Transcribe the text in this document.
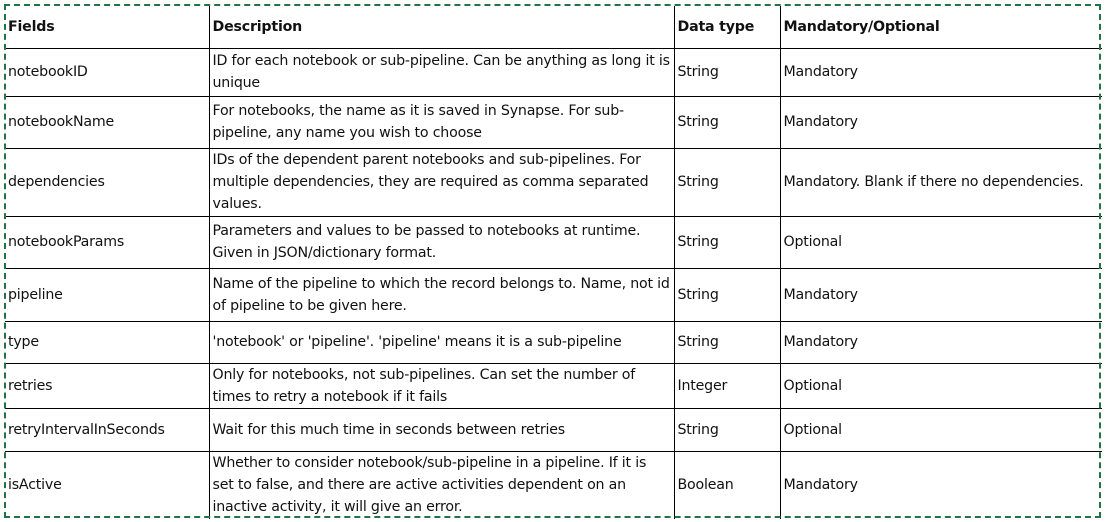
Fields	Description	Data type	Mandatory/Optional
notebookID	ID for each notebook or sub-pipeline. Can be anything as long it is unique	String	Mandatory
notebookName	For notebooks, the name as it is saved in Synapse. For sub-pipeline, any name you wish to choose	String	Mandatory
dependencies	IDs of the dependent parent notebooks and sub-pipelines. For multiple dependencies, they are required as comma separated values.	String	Mandatory. Blank if there no dependencies.
notebookParams	Parameters and values to be passed to notebooks at runtime. Given in JSON/dictionary format.	String	Optional
pipeline	Name of the pipeline to which the record belongs to. Name, not id of pipeline to be given here.	String	Mandatory
type	'notebook' or 'pipeline'. 'pipeline' means it is a sub-pipeline	String	Mandatory
retries	Only for notebooks, not sub-pipelines. Can set the number of times to retry a notebook if it fails	Integer	Optional
retryIntervalInSeconds	Wait for this much time in seconds between retries	String	Optional
isActive	Whether to consider notebook/sub-pipeline in a pipeline. If it is set to false, and there are active activities dependent on an inactive activity, it will give an error.	Boolean	Mandatory
